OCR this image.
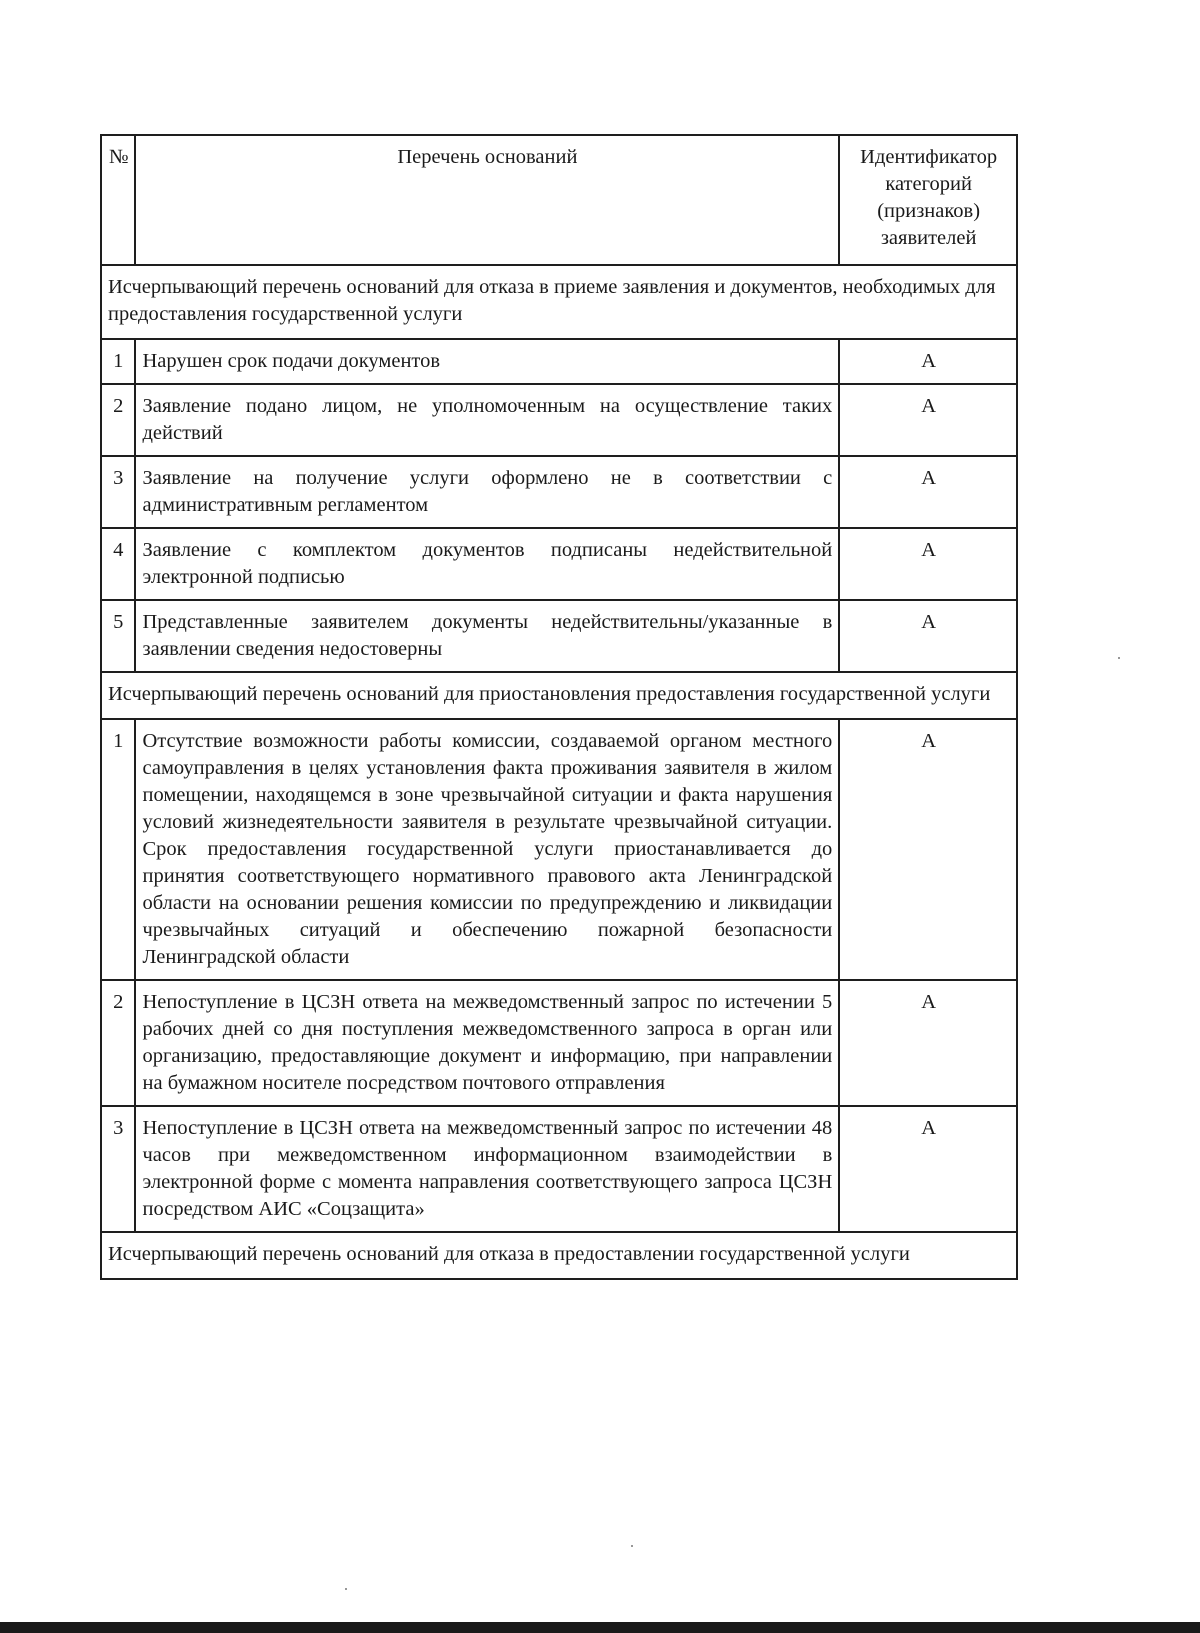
№	Перечень оснований	Идентификатор категорий (признаков) заявителей
Исчерпывающий перечень оснований для отказа в приеме заявления и документов, необходимых для предоставления государственной услуги		
1	Нарушен срок подачи документов	А
2	Заявление подано лицом, не уполномоченным на осуществление таких действий	А
3	Заявление на получение услуги оформлено не в соответствии с административным регламентом	А
4	Заявление с комплектом документов подписаны недействительной электронной подписью	А
5	Представленные заявителем документы недействительны/указанные в заявлении сведения недостоверны	А
Исчерпывающий перечень оснований для приостановления предоставления государственной услуги		
1	Отсутствие возможности работы комиссии, создаваемой органом местного самоуправления в целях установления факта проживания заявителя в жилом помещении, находящемся в зоне чрезвычайной ситуации и факта нарушения условий жизнедеятельности заявителя в результате чрезвычайной ситуации. Срок предоставления государственной услуги приостанавливается до принятия соответствующего нормативного правового акта Ленинградской области на основании решения комиссии по предупреждению и ликвидации чрезвычайных ситуаций и обеспечению пожарной безопасности Ленинградской области	А
2	Непоступление в ЦСЗН ответа на межведомственный запрос по истечении 5 рабочих дней со дня поступления межведомственного запроса в орган или организацию, предоставляющие документ и информацию, при направлении на бумажном носителе посредством почтового отправления	А
3	Непоступление в ЦСЗН ответа на межведомственный запрос по истечении 48 часов при межведомственном информационном взаимодействии в электронной форме с момента направления соответствующего запроса ЦСЗН посредством АИС «Соцзащита»	А
Исчерпывающий перечень оснований для отказа в предоставлении государственной услуги		
